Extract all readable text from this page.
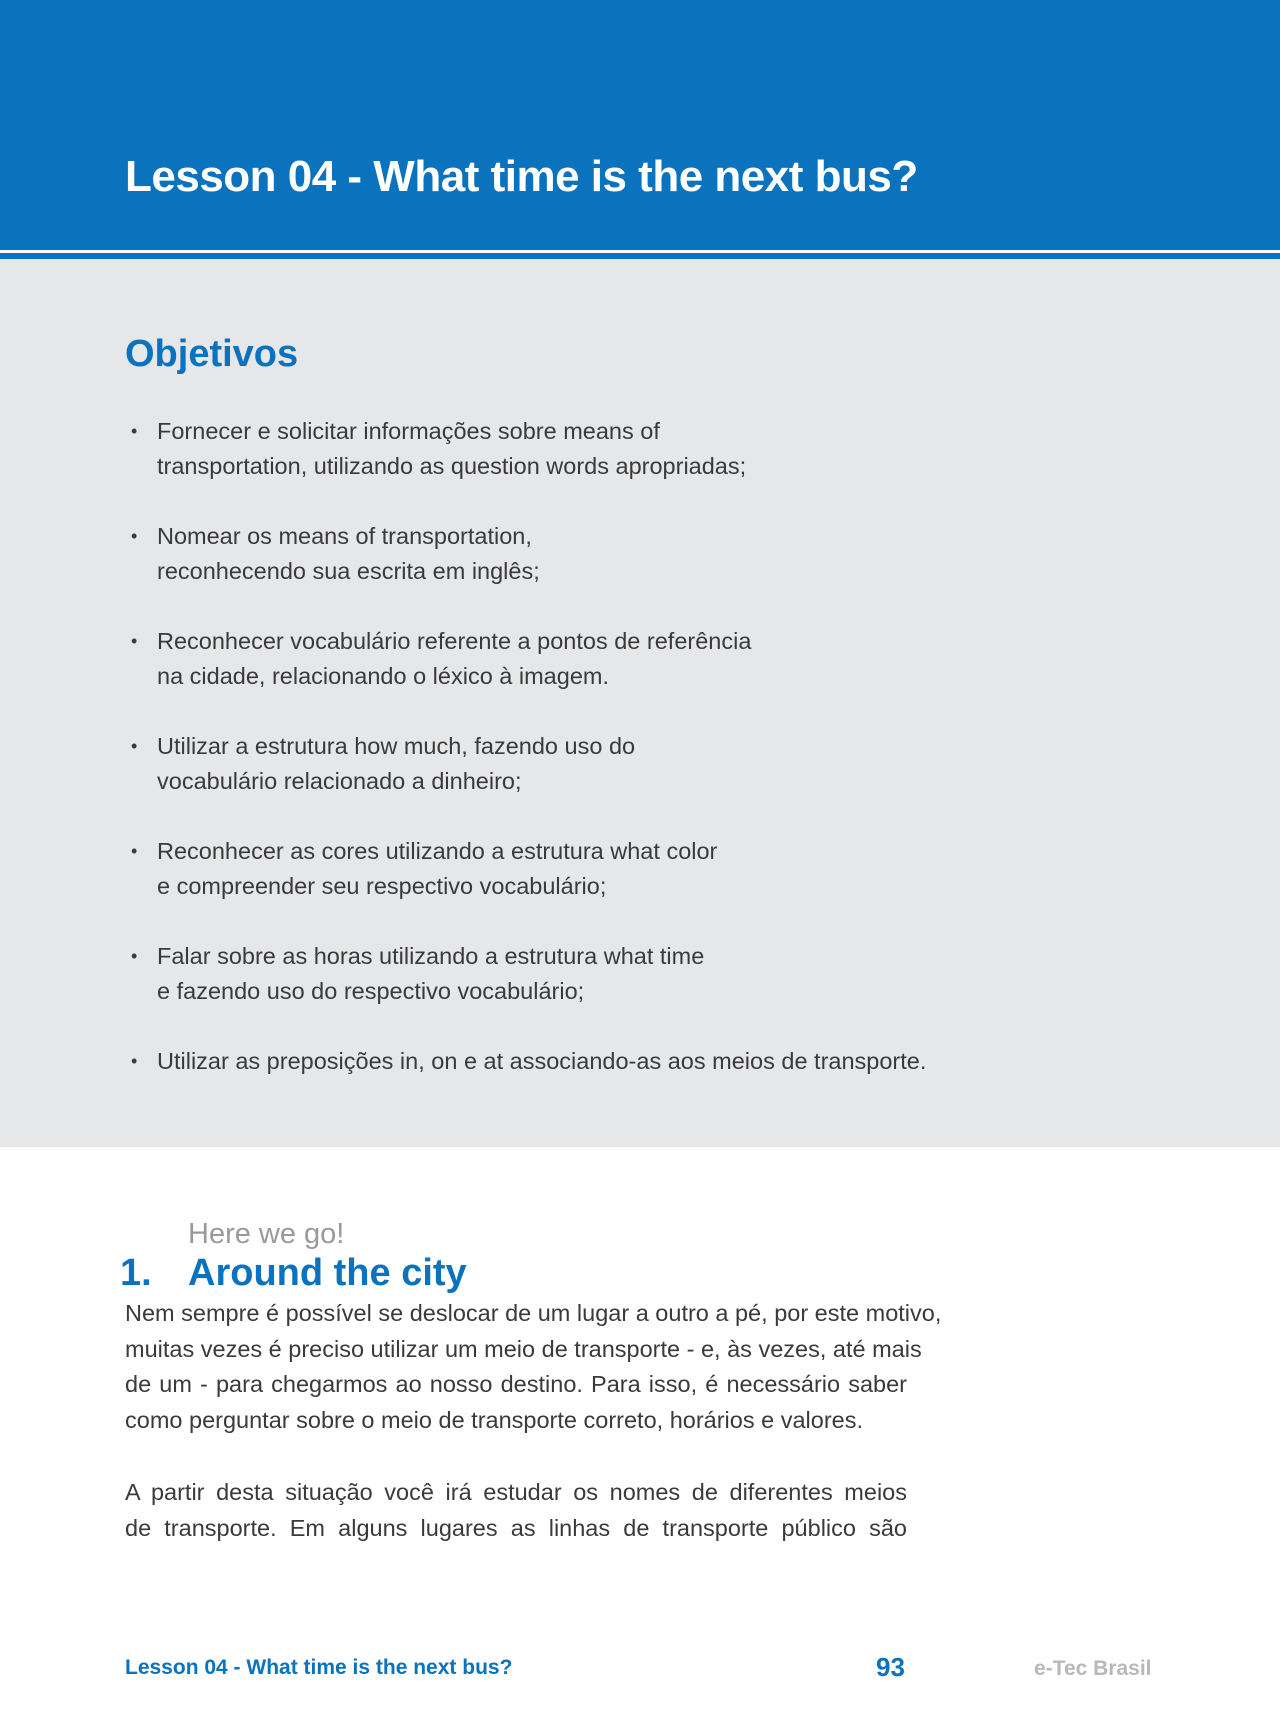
Lesson 04 - What time is the next bus?
Objetivos
• Fornecer e solicitar informações sobre means of
transportation, utilizando as question words apropriadas;
• Nomear os means of transportation,
reconhecendo sua escrita em inglês;
• Reconhecer vocabulário referente a pontos de referência
na cidade, relacionando o léxico à imagem.
• Utilizar a estrutura how much, fazendo uso do
vocabulário relacionado a dinheiro;
• Reconhecer as cores utilizando a estrutura what color
e compreender seu respectivo vocabulário;
• Falar sobre as horas utilizando a estrutura what time
e fazendo uso do respectivo vocabulário;
• Utilizar as preposições in, on e at associando-as aos meios de transporte.
Here we go!
1. Around the city

Nem sempre é possível se deslocar de um lugar a outro a pé, por este motivo,
muitas vezes é preciso utilizar um meio de transporte - e, às vezes, até mais
de um - para chegarmos ao nosso destino. Para isso, é necessário saber
como perguntar sobre o meio de transporte correto, horários e valores.

A partir desta situação você irá estudar os nomes de diferentes meios
de transporte. Em alguns lugares as linhas de transporte público são

Lesson 04 - What time is the next bus?	93	e-Tec Brasil
